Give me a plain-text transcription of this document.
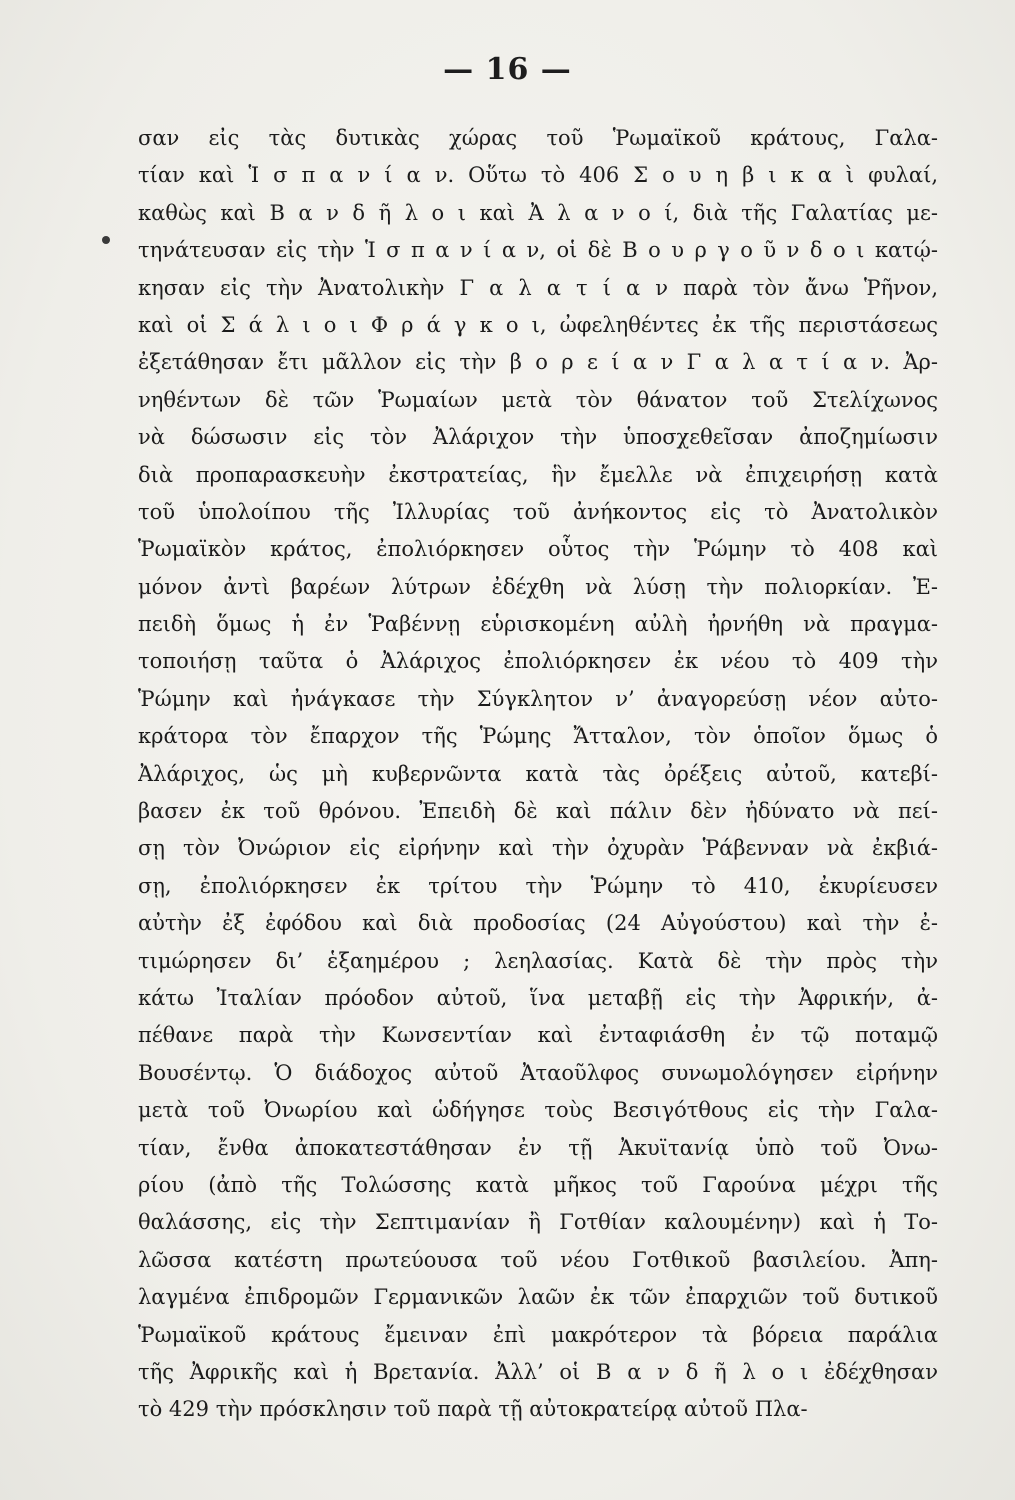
— 16 —
σαν εἰς τὰς δυτικὰς χώρας τοῦ Ῥωμαϊκοῦ κράτους, Γαλα-
τίαν καὶ Ἱ σ π α ν ί α ν. Οὕτω τὸ 406 Σ ο υ η β ι κ α ὶ φυλαί,
καθὼς καὶ Β α ν δ ῆ λ ο ι καὶ Ἀ λ α ν ο ί, διὰ τῆς Γαλατίας με-
τηνάτευσαν εἰς τὴν Ἱ σ π α ν ί α ν, οἱ δὲ Β ο υ ρ γ ο ῦ ν δ ο ι κατῴ-
κησαν εἰς τὴν Ἀνατολικὴν Γ α λ α τ ί α ν παρὰ τὸν ἄνω Ῥῆνον,
καὶ οἱ Σ ά λ ι ο ι Φ ρ ά γ κ ο ι, ὠφεληθέντες ἐκ τῆς περιστάσεως
ἐξετάθησαν ἔτι μᾶλλον εἰς τὴν β ο ρ ε ί α ν Γ α λ α τ ί α ν. Ἀρ-
νηθέντων δὲ τῶν Ῥωμαίων μετὰ τὸν θάνατον τοῦ Στελίχωνος
νὰ δώσωσιν εἰς τὸν Ἀλάριχον τὴν ὑποσχεθεῖσαν ἀποζημίωσιν
διὰ προπαρασκευὴν ἐκστρατείας, ἣν ἔμελλε νὰ ἐπιχειρήσῃ κατὰ
τοῦ ὑπολοίπου τῆς Ἰλλυρίας τοῦ ἀνήκοντος εἰς τὸ Ἀνατολικὸν
Ῥωμαϊκὸν κράτος, ἐπολιόρκησεν οὗτος τὴν Ῥώμην τὸ 408 καὶ
μόνον ἀντὶ βαρέων λύτρων ἐδέχθη νὰ λύσῃ τὴν πολιορκίαν. Ἐ-
πειδὴ ὅμως ἡ ἐν Ῥαβέννῃ εὑρισκομένη αὐλὴ ἠρνήθη νὰ πραγμα-
τοποιήσῃ ταῦτα ὁ Ἀλάριχος ἐπολιόρκησεν ἐκ νέου τὸ 409 τὴν
Ῥώμην καὶ ἠνάγκασε τὴν Σύγκλητον ν’ ἀναγορεύσῃ νέον αὐτο-
κράτορα τὸν ἔπαρχον τῆς Ῥώμης Ἄτταλον, τὸν ὁποῖον ὅμως ὁ
Ἀλάριχος, ὡς μὴ κυβερνῶντα κατὰ τὰς ὀρέξεις αὐτοῦ, κατεβί-
βασεν ἐκ τοῦ θρόνου. Ἐπειδὴ δὲ καὶ πάλιν δὲν ἠδύνατο νὰ πεί-
σῃ τὸν Ὀνώριον εἰς εἰρήνην καὶ τὴν ὀχυρὰν Ῥάβενναν νὰ ἐκβιά-
σῃ, ἐπολιόρκησεν ἐκ τρίτου τὴν Ῥώμην τὸ 410, ἐκυρίευσεν
αὐτὴν ἐξ ἐφόδου καὶ διὰ προδοσίας (24 Αὐγούστου) καὶ τὴν ἐ-
τιμώρησεν δι’ ἑξαημέρου ; λεηλασίας. Κατὰ δὲ τὴν πρὸς τὴν
κάτω Ἰταλίαν πρόοδον αὐτοῦ, ἵνα μεταβῇ εἰς τὴν Ἀφρικήν, ἀ-
πέθανε παρὰ τὴν Κωνσεντίαν καὶ ἐνταφιάσθη ἐν τῷ ποταμῷ
Βουσέντῳ. Ὁ διάδοχος αὐτοῦ Ἀταοῦλφος συνωμολόγησεν εἰρήνην
μετὰ τοῦ Ὀνωρίου καὶ ὡδήγησε τοὺς Βεσιγότθους εἰς τὴν Γαλα-
τίαν, ἔνθα ἀποκατεστάθησαν ἐν τῇ Ἀκυϊτανίᾳ ὑπὸ τοῦ Ὀνω-
ρίου (ἀπὸ τῆς Τολώσσης κατὰ μῆκος τοῦ Γαρούνα μέχρι τῆς
θαλάσσης, εἰς τὴν Σεπτιμανίαν ἢ Γοτθίαν καλουμένην) καὶ ἡ Το-
λῶσσα κατέστη πρωτεύουσα τοῦ νέου Γοτθικοῦ βασιλείου. Ἀπη-
λαγμένα ἐπιδρομῶν Γερμανικῶν λαῶν ἐκ τῶν ἐπαρχιῶν τοῦ δυτικοῦ
Ῥωμαϊκοῦ κράτους ἔμειναν ἐπὶ μακρότερον τὰ βόρεια παράλια
τῆς Ἀφρικῆς καὶ ἡ Βρετανία. Ἀλλ’ οἱ Β α ν δ ῆ λ ο ι ἐδέχθησαν
τὸ 429 τὴν πρόσκλησιν τοῦ παρὰ τῇ αὐτοκρατείρᾳ αὐτοῦ Πλα-
